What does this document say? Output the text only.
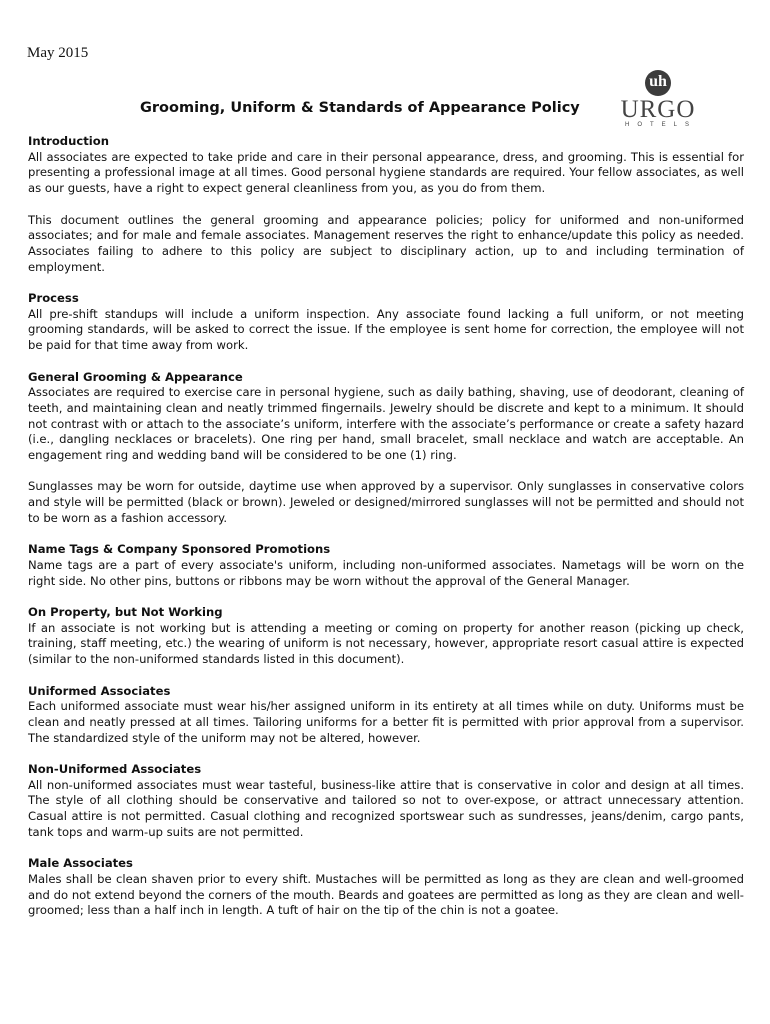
May 2015
uh
URGO
HOTELS
Grooming, Uniform & Standards of Appearance Policy

Introduction

All associates are expected to take pride and care in their personal appearance, dress, and grooming. This is essential for presenting a professional image at all times. Good personal hygiene standards are required. Your fellow associates, as well as our guests, have a right to expect general cleanliness from you, as you do from them.

This document outlines the general grooming and appearance policies; policy for uniformed and non-uniformed associates; and for male and female associates. Management reserves the right to enhance/update this policy as needed. Associates failing to adhere to this policy are subject to disciplinary action, up to and including termination of employment.

Process

All pre-shift standups will include a uniform inspection. Any associate found lacking a full uniform, or not meeting grooming standards, will be asked to correct the issue. If the employee is sent home for correction, the employee will not be paid for that time away from work.

General Grooming & Appearance

Associates are required to exercise care in personal hygiene, such as daily bathing, shaving, use of deodorant, cleaning of teeth, and maintaining clean and neatly trimmed fingernails. Jewelry should be discrete and kept to a minimum. It should not contrast with or attach to the associate’s uniform, interfere with the associate’s performance or create a safety hazard (i.e., dangling necklaces or bracelets). One ring per hand, small bracelet, small necklace and watch are acceptable. An engagement ring and wedding band will be considered to be one (1) ring.

Sunglasses may be worn for outside, daytime use when approved by a supervisor. Only sunglasses in conservative colors and style will be permitted (black or brown). Jeweled or designed/mirrored sunglasses will not be permitted and should not to be worn as a fashion accessory.

Name Tags & Company Sponsored Promotions

Name tags are a part of every associate's uniform, including non-uniformed associates. Nametags will be worn on the right side. No other pins, buttons or ribbons may be worn without the approval of the General Manager.

On Property, but Not Working

If an associate is not working but is attending a meeting or coming on property for another reason (picking up check, training, staff meeting, etc.) the wearing of uniform is not necessary, however, appropriate resort casual attire is expected (similar to the non-uniformed standards listed in this document).

Uniformed Associates

Each uniformed associate must wear his/her assigned uniform in its entirety at all times while on duty. Uniforms must be clean and neatly pressed at all times. Tailoring uniforms for a better fit is permitted with prior approval from a supervisor. The standardized style of the uniform may not be altered, however.

Non-Uniformed Associates

All non-uniformed associates must wear tasteful, business-like attire that is conservative in color and design at all times. The style of all clothing should be conservative and tailored so not to over-expose, or attract unnecessary attention. Casual attire is not permitted. Casual clothing and recognized sportswear such as sundresses, jeans/denim, cargo pants, tank tops and warm-up suits are not permitted.

Male Associates

Males shall be clean shaven prior to every shift. Mustaches will be permitted as long as they are clean and well-groomed and do not extend beyond the corners of the mouth. Beards and goatees are permitted as long as they are clean and well-groomed; less than a half inch in length. A tuft of hair on the tip of the chin is not a goatee.
